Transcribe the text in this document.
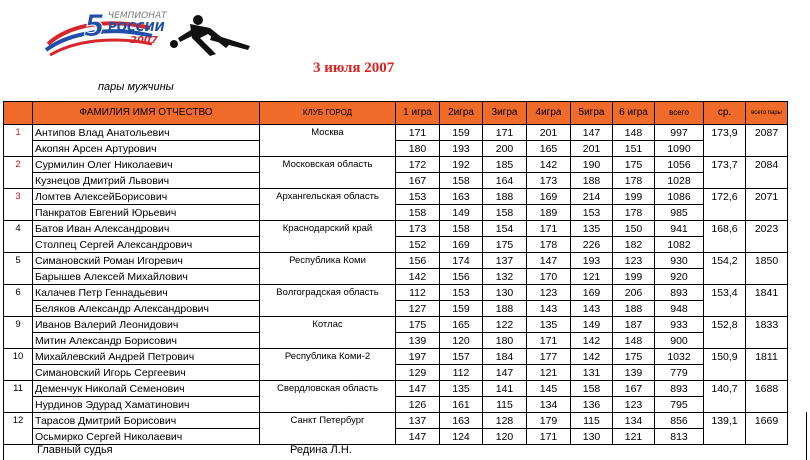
5 ЧЕМПИОНАТ
РОССИИ
2007
3 июля 2007
пары мужчины
	ФАМИЛИЯ ИМЯ ОТЧЕСТВО	КЛУБ ГОРОД	1 игра	2игра	3игра	4игра	5игра	6 игра	всего	ср.	всего пары
1	Антипов Влад Анатольевич	Москва	171	159	171	201	147	148	997	173,9	2087
	Акопян Арсен Артурович		180	193	200	165	201	151	1090		
2	Сурмилин Олег Николаевич	Московская область	172	192	185	142	190	175	1056	173,7	2084
	Кузнецов Дмитрий Львович		167	158	164	173	188	178	1028		
3	Ломтев АлексейБорисович	Архангельская область	153	163	188	169	214	199	1086	172,6	2071
	Панкратов Евгений Юрьевич		158	149	158	189	153	178	985		
4	Батов Иван Александрович	Краснодарский край	173	158	154	171	135	150	941	168,6	2023
	Столпец Сергей Александрович		152	169	175	178	226	182	1082		
5	Симановский Роман Игоревич	Республика Коми	156	174	137	147	193	123	930	154,2	1850
	Барышев Алексей Михайлович		142	156	132	170	121	199	920		
6	Калачев Петр Геннадьевич	Волгоградская область	112	153	130	123	169	206	893	153,4	1841
	Беляков Александр Александрович		127	159	188	143	143	188	948		
9	Иванов Валерий Леонидович	Котлас	175	165	122	135	149	187	933	152,8	1833
	Митин Александр Борисович		139	120	180	171	142	148	900		
10	Михайлевский Андрей Петрович	Республика Коми-2	197	157	184	177	142	175	1032	150,9	1811
	Симановский Игорь Сергеевич		129	112	147	121	131	139	779		
11	Деменчук Николай Семенович	Свердловская область	147	135	141	145	158	167	893	140,7	1688
	Нурдинов Эдурад Хаматинович		126	161	115	134	136	123	795		
12	Тарасов Дмитрий Борисович	Санкт Петербург	137	163	128	179	115	134	856	139,1	1669
	Осьмирко Сергей Николаевич		147	124	120	171	130	121	813		
Главный судья	Редина Л.Н.
